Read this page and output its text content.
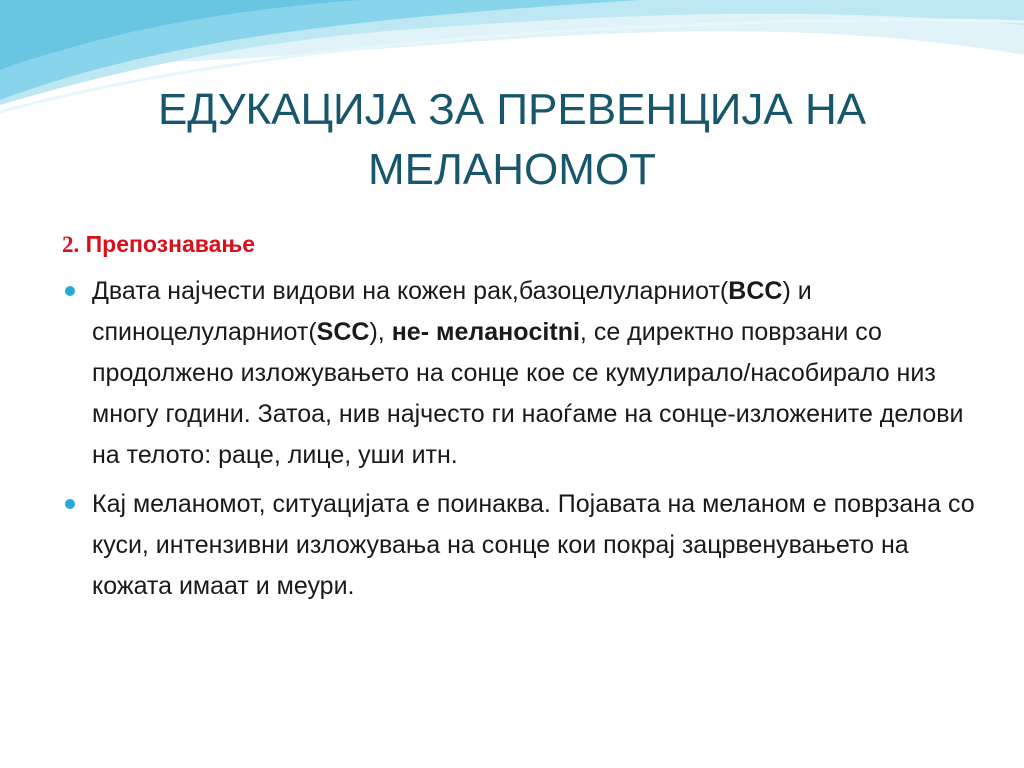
ЕДУКАЦИЈА ЗА ПРЕВЕНЦИЈА НА
МЕЛАНОМОТ

2. Препознавање

Двата најчести видови на кожен рак,базоцелуларниот(BCC) и спиноцелуларниот(SCC), не- меланоcitni, се директно поврзани со продолжено изложувањето на сонце кое се кумулирало/насобирало низ многу години. Затоа, нив најчесто ги наоѓаме на сонце-изложените делови на телото: раце, лице, уши итн.

Кај меланомот, ситуацијата е поинаква. Појавата на меланом е поврзана со куси, интензивни изложувања на сонце кои покрај зацрвенувањето на кожата имаат и меури.
